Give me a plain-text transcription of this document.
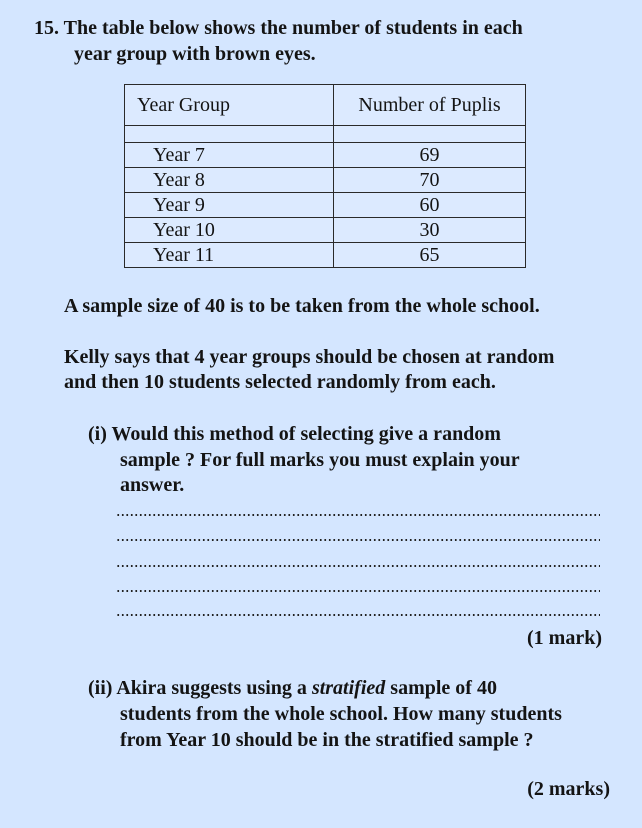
15. The table below shows the number of students in each
year group with brown eyes.
Year Group	Number of Puplis

Year 7	69
Year 8	70
Year 9	60
Year 10	30
Year 11	65
A sample size of 40 is to be taken from the whole school.
Kelly says that 4 year groups should be chosen at random
and then 10 students selected randomly from each.
(i) Would this method of selecting give a random
sample ? For full marks you must explain your
answer.
(1 mark)
(ii) Akira suggests using a stratified sample of 40
students from the whole school. How many students
from Year 10 should be in the stratified sample ?
(2 marks)
